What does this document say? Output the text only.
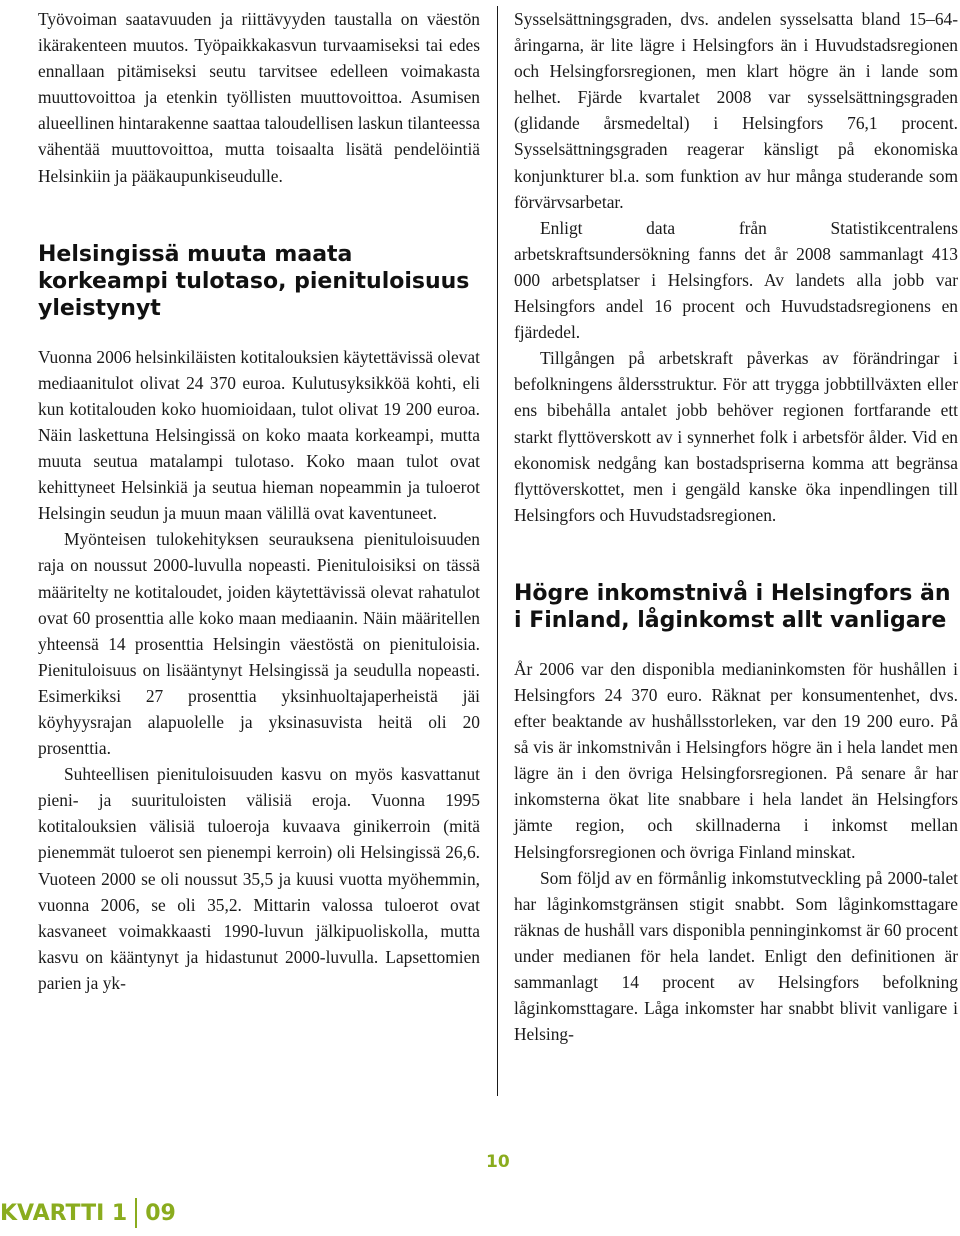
Työvoiman saatavuuden ja riittävyyden taustalla on väestön ikärakenteen muutos. Työpaikkakasvun turvaamiseksi tai edes ennallaan pitämiseksi seutu tarvitsee edelleen voimakasta muuttovoittoa ja etenkin työllisten muuttovoittoa. Asumisen alueellinen hintarakenne saattaa taloudellisen laskun tilanteessa vähentää muuttovoittoa, mutta toisaalta lisätä pendelöintiä Helsinkiin ja pääkaupunkiseudulle.

Helsingissä muuta maata korkeampi tulotaso, pienituloisuus yleistynyt

Vuonna 2006 helsinkiläisten kotitalouksien käytettävissä olevat mediaanitulot olivat 24 370 euroa. Kulutusyksikköä kohti, eli kun kotitalouden koko huomioidaan, tulot olivat 19 200 euroa. Näin laskettuna Helsingissä on koko maata korkeampi, mutta muuta seutua matalampi tulotaso. Koko maan tulot ovat kehittyneet Helsinkiä ja seutua hieman nopeammin ja tuloerot Helsingin seudun ja muun maan välillä ovat kaventuneet.

Myönteisen tulokehityksen seurauksena pienituloisuuden raja on noussut 2000-luvulla nopeasti. Pienituloisiksi on tässä määritelty ne kotitaloudet, joiden käytettävissä olevat rahatulot ovat 60 prosenttia alle koko maan mediaanin. Näin määritellen yhteensä 14 prosenttia Helsingin väestöstä on pienituloisia. Pienituloisuus on lisääntynyt Helsingissä ja seudulla nopeasti. Esimerkiksi 27 prosenttia yksinhuoltajaperheistä jäi köyhyysrajan alapuolelle ja yksinasuvista heitä oli 20 prosenttia.

Suhteellisen pienituloisuuden kasvu on myös kasvattanut pieni- ja suurituloisten välisiä eroja. Vuonna 1995 kotitalouksien välisiä tuloeroja kuvaava ginikerroin (mitä pienemmät tuloerot sen pienempi kerroin) oli Helsingissä 26,6. Vuoteen 2000 se oli noussut 35,5 ja kuusi vuotta myöhemmin, vuonna 2006, se oli 35,2. Mittarin valossa tuloerot ovat kasvaneet voimakkaasti 1990-luvun jälkipuoliskolla, mutta kasvu on kääntynyt ja hidastunut 2000-luvulla. Lapsettomien parien ja yk-

Sysselsättningsgraden, dvs. andelen sysselsatta bland 15–64-åringarna, är lite lägre i Helsingfors än i Huvudstadsregionen och Helsingforsregionen, men klart högre än i lande som helhet. Fjärde kvartalet 2008 var sysselsättningsgraden (glidande årsmedeltal) i Helsingfors 76,1 procent. Sysselsättningsgraden reagerar känsligt på ekonomiska konjunkturer bl.a. som funktion av hur många studerande som förvärvsarbetar.

Enligt data från Statistikcentralens arbetskraftsundersökning fanns det år 2008 sammanlagt 413 000 arbetsplatser i Helsingfors. Av landets alla jobb var Helsingfors andel 16 procent och Huvudstadsregionens en fjärdedel.

Tillgången på arbetskraft påverkas av förändringar i befolkningens åldersstruktur. För att trygga jobbtillväxten eller ens bibehålla antalet jobb behöver regionen fortfarande ett starkt flyttöverskott av i synnerhet folk i arbetsför ålder. Vid en ekonomisk nedgång kan bostadspriserna komma att begränsa flyttöverskottet, men i gengäld kanske öka inpendlingen till Helsingfors och Huvudstadsregionen.

Högre inkomstnivå i Helsingfors än i Finland, låginkomst allt vanligare

År 2006 var den disponibla medianinkomsten för hushållen i Helsingfors 24 370 euro. Räknat per konsumentenhet, dvs. efter beaktande av hushållsstorleken, var den 19 200 euro. På så vis är inkomstnivån i Helsingfors högre än i hela landet men lägre än i den övriga Helsingforsregionen. På senare år har inkomsterna ökat lite snabbare i hela landet än Helsingfors jämte region, och skillnaderna i inkomst mellan Helsingforsregionen och övriga Finland minskat.

Som följd av en förmånlig inkomstutveckling på 2000-talet har låginkomstgränsen stigit snabbt. Som låginkomsttagare räknas de hushåll vars disponibla penninginkomst är 60 procent under medianen för hela landet. Enligt den definitionen är sammanlagt 14 procent av Helsingfors befolkning låginkomsttagare. Låga inkomster har snabbt blivit vanligare i Helsing-

10
KVARTTI 1 09
